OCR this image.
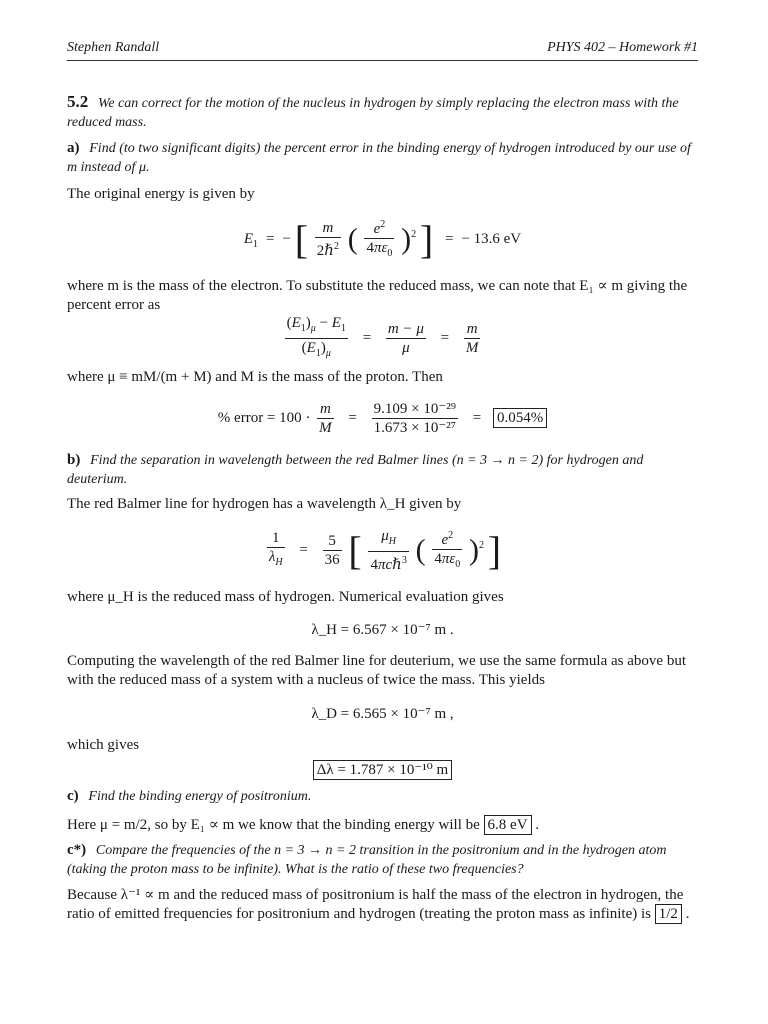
Stephen Randall	PHYS 402 – Homework #1
5.2 We can correct for the motion of the nucleus in hydrogen by simply replacing the electron mass with the reduced mass.
a) Find (to two significant digits) the percent error in the binding energy of hydrogen introduced by our use of m instead of μ.
The original energy is given by
$E_1$ = − [ $\frac{m}{2\hbar^2}$ ( $\frac{e^2}{4\pi\varepsilon_0} )^2$ ] = − 13.6 eV
where m is the mass of the electron. To substitute the reduced mass, we can note that E₁ ∝ m giving the percent error as
$\frac{(E_1)_\mu - E_1}{(E_1)_\mu} = \frac{m - \mu}{\mu} = \frac{m}{M}$
where μ ≡ mM/(m + M) and M is the mass of the proton. Then
% error = $100 \cdot \frac{m}{M} = \frac{\text{9.109 × 10⁻²⁹}}{\text{1.673 × 10⁻²⁷}} = 0.054\%$
b) Find the separation in wavelength between the red Balmer lines (n = 3 → n = 2) for hydrogen and deuterium.
The red Balmer line for hydrogen has a wavelength λ_H given by
$\frac{1}{\lambda_H} = \frac{5}{36}$ [ $\frac{\mu_H}{4\pi c\hbar^3}$ ( $\frac{e^2}{4\pi\varepsilon_0} )^2$ ]
where μ_H is the reduced mass of hydrogen. Numerical evaluation gives
λ_H = 6.567 × 10⁻⁷ m .
Computing the wavelength of the red Balmer line for deuterium, we use the same formula as above but with the reduced mass of a system with a nucleus of twice the mass. This yields
λ_D = 6.565 × 10⁻⁷ m ,
which gives
Δλ = 1.787 × 10⁻¹⁰ m
c) Find the binding energy of positronium.
Here μ = m/2, so by E₁ ∝ m we know that the binding energy will be 6.8 eV .
c*) Compare the frequencies of the n = 3 → n = 2 transition in the positronium and in the hydrogen atom (taking the proton mass to be infinite). What is the ratio of these two frequencies?
Because λ⁻¹ ∝ m and the reduced mass of positronium is half the mass of the electron in hydrogen, the ratio of emitted frequencies for positronium and hydrogen (treating the proton mass as infinite) is 1/2 .
